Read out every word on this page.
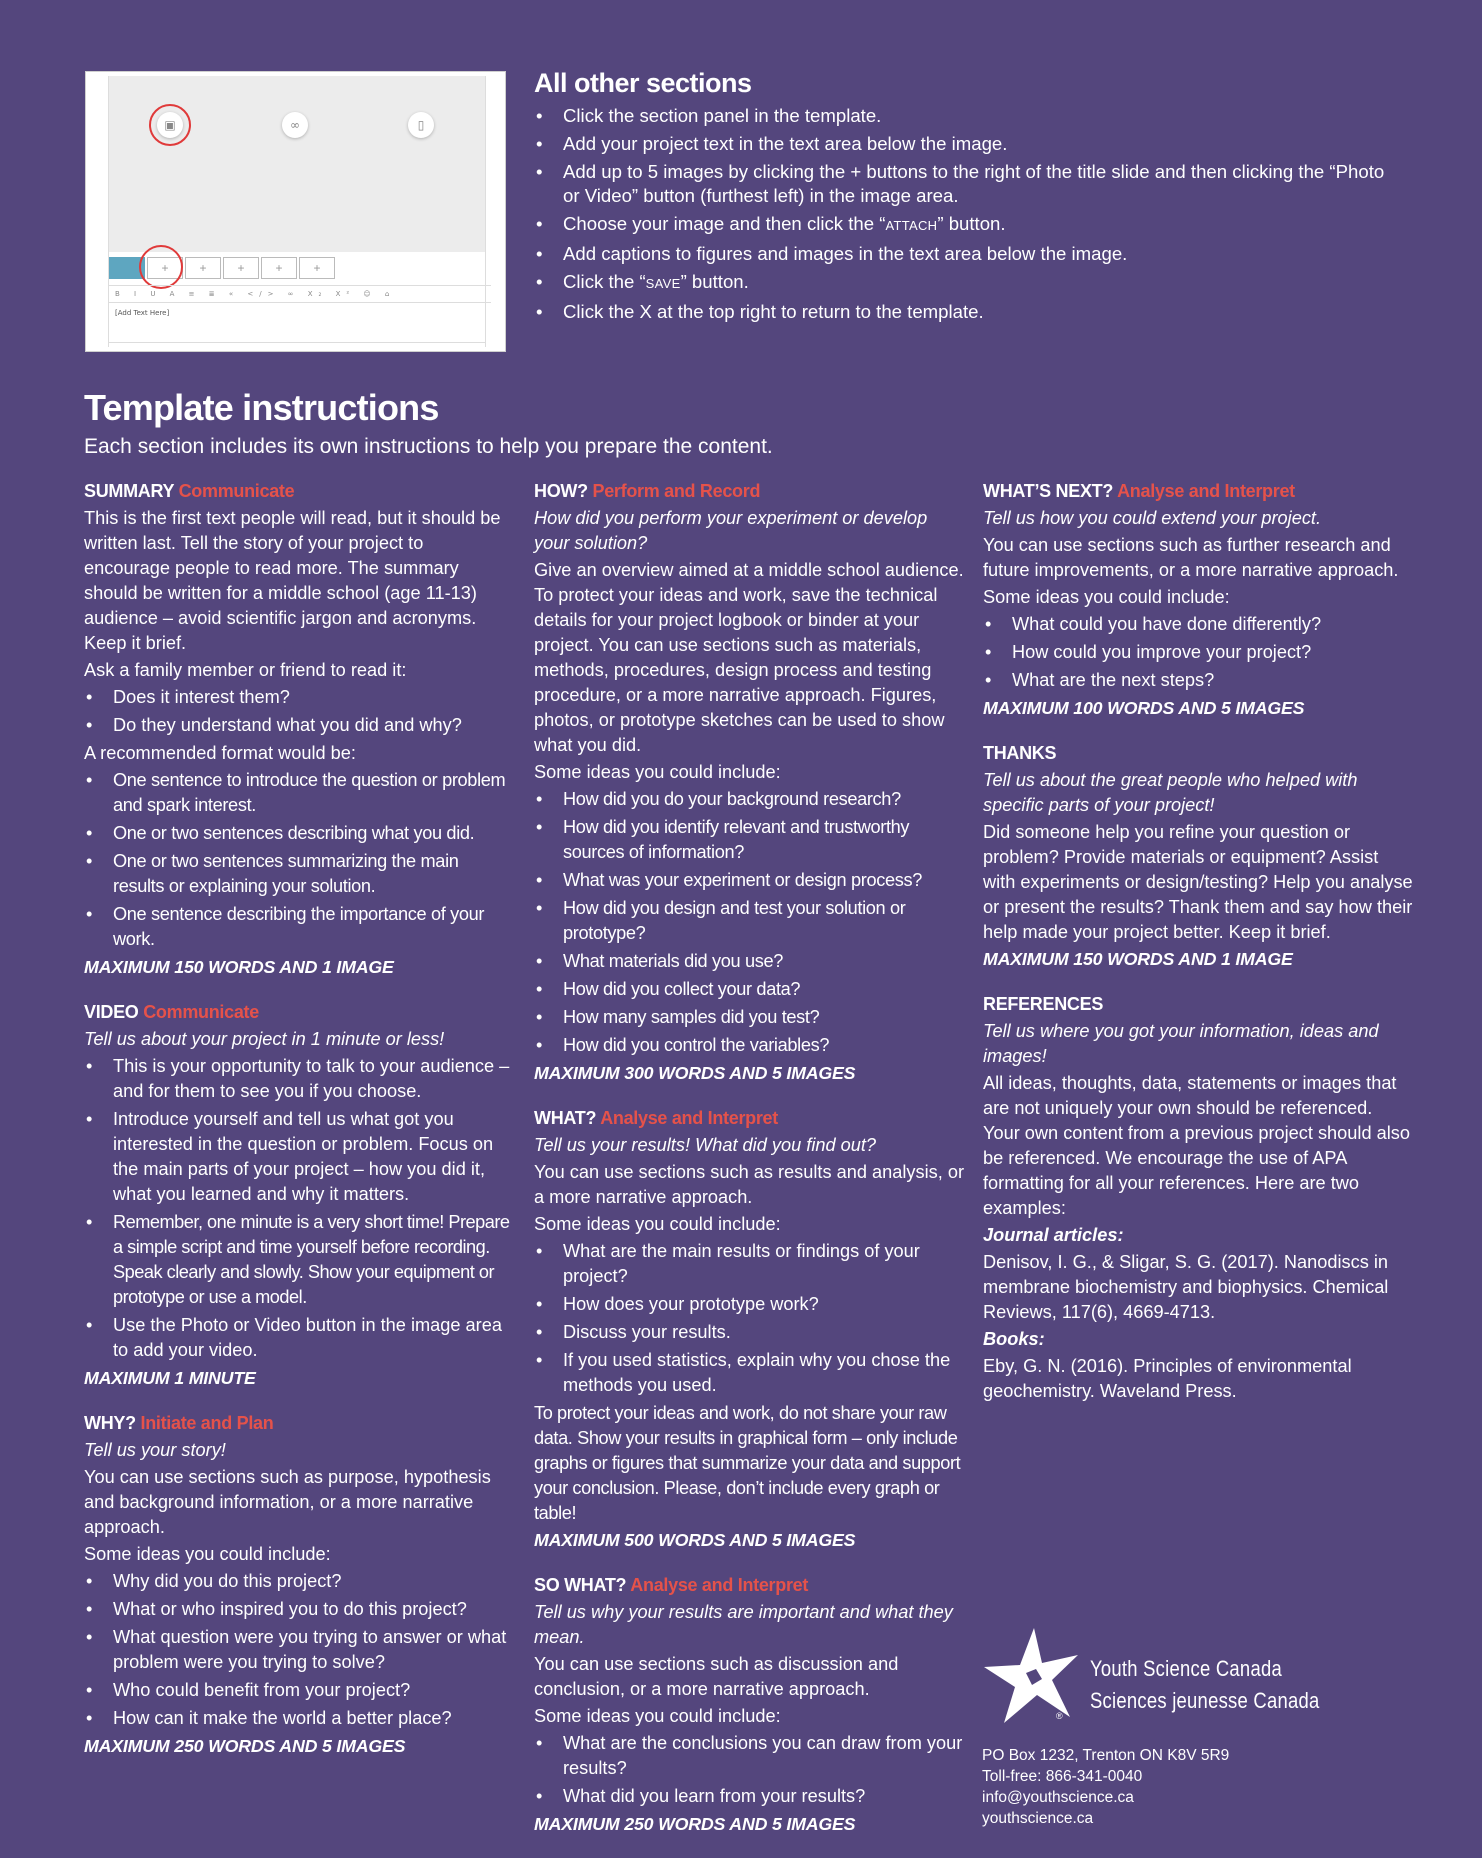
▣	∞	▯
+	+	+	+	+
B I U A ≡ ≣ « </> ∞ X₂ X² ☺ ⌂
[Add Text Here]
All other sections
• Click the section panel in the template.
• Add your project text in the text area below the image.
• Add up to 5 images by clicking the + buttons to the right of the title slide and then clicking the “Photo or Video” button (furthest left) in the image area.
• Choose your image and then click the “ATTACH” button.
• Add captions to figures and images in the text area below the image.
• Click the “SAVE” button.
• Click the X at the top right to return to the template.
Template instructions
Each section includes its own instructions to help you prepare the content.
SUMMARY Communicate
This is the first text people will read, but it should be written last. Tell the story of your project to encourage people to read more. The summary should be written for a middle school (age 11-13) audience – avoid scientific jargon and acronyms. Keep it brief.
Ask a family member or friend to read it:
• Does it interest them?
• Do they understand what you did and why?
A recommended format would be:
• One sentence to introduce the question or problem and spark interest.
• One or two sentences describing what you did.
• One or two sentences summarizing the main results or explaining your solution.
• One sentence describing the importance of your work.
MAXIMUM 150 WORDS AND 1 IMAGE
VIDEO Communicate
Tell us about your project in 1 minute or less!
• This is your opportunity to talk to your audience – and for them to see you if you choose.
• Introduce yourself and tell us what got you interested in the question or problem. Focus on the main parts of your project – how you did it, what you learned and why it matters.
• Remember, one minute is a very short time! Prepare a simple script and time yourself before recording. Speak clearly and slowly. Show your equipment or prototype or use a model.
• Use the Photo or Video button in the image area to add your video.
MAXIMUM 1 MINUTE
WHY? Initiate and Plan
Tell us your story!
You can use sections such as purpose, hypothesis and background information, or a more narrative approach.
Some ideas you could include:
• Why did you do this project?
• What or who inspired you to do this project?
• What question were you trying to answer or what problem were you trying to solve?
• Who could benefit from your project?
• How can it make the world a better place?
MAXIMUM 250 WORDS AND 5 IMAGES
HOW? Perform and Record
How did you perform your experiment or develop your solution?
Give an overview aimed at a middle school audience. To protect your ideas and work, save the technical details for your project logbook or binder at your project. You can use sections such as materials, methods, procedures, design process and testing procedure, or a more narrative approach. Figures, photos, or prototype sketches can be used to show what you did.
Some ideas you could include:
• How did you do your background research?
• How did you identify relevant and trustworthy sources of information?
• What was your experiment or design process?
• How did you design and test your solution or prototype?
• What materials did you use?
• How did you collect your data?
• How many samples did you test?
• How did you control the variables?
MAXIMUM 300 WORDS AND 5 IMAGES
WHAT? Analyse and Interpret
Tell us your results! What did you find out?
You can use sections such as results and analysis, or a more narrative approach.
Some ideas you could include:
• What are the main results or findings of your project?
• How does your prototype work?
• Discuss your results.
• If you used statistics, explain why you chose the methods you used.
To protect your ideas and work, do not share your raw data. Show your results in graphical form – only include graphs or figures that summarize your data and support your conclusion. Please, don’t include every graph or table!
MAXIMUM 500 WORDS AND 5 IMAGES
SO WHAT? Analyse and Interpret
Tell us why your results are important and what they mean.
You can use sections such as discussion and conclusion, or a more narrative approach.
Some ideas you could include:
• What are the conclusions you can draw from your results?
• What did you learn from your results?
MAXIMUM 250 WORDS AND 5 IMAGES
WHAT’S NEXT? Analyse and Interpret
Tell us how you could extend your project.
You can use sections such as further research and future improvements, or a more narrative approach.
Some ideas you could include:
• What could you have done differently?
• How could you improve your project?
• What are the next steps?
MAXIMUM 100 WORDS AND 5 IMAGES
THANKS
Tell us about the great people who helped with specific parts of your project!
Did someone help you refine your question or problem? Provide materials or equipment? Assist with experiments or design/testing? Help you analyse or present the results? Thank them and say how their help made your project better. Keep it brief.
MAXIMUM 150 WORDS AND 1 IMAGE
REFERENCES
Tell us where you got your information, ideas and images!
All ideas, thoughts, data, statements or images that are not uniquely your own should be referenced. Your own content from a previous project should also be referenced. We encourage the use of APA formatting for all your references. Here are two examples:
Journal articles:
Denisov, I. G., & Sligar, S. G. (2017). Nanodiscs in membrane biochemistry and biophysics. Chemical Reviews, 117(6), 4669-4713.
Books:
Eby, G. N. (2016). Principles of environmental geochemistry. Waveland Press.
®
Youth Science Canada
Sciences jeunesse Canada
PO Box 1232, Trenton ON K8V 5R9
Toll-free: 866-341-0040
info@youthscience.ca
youthscience.ca
